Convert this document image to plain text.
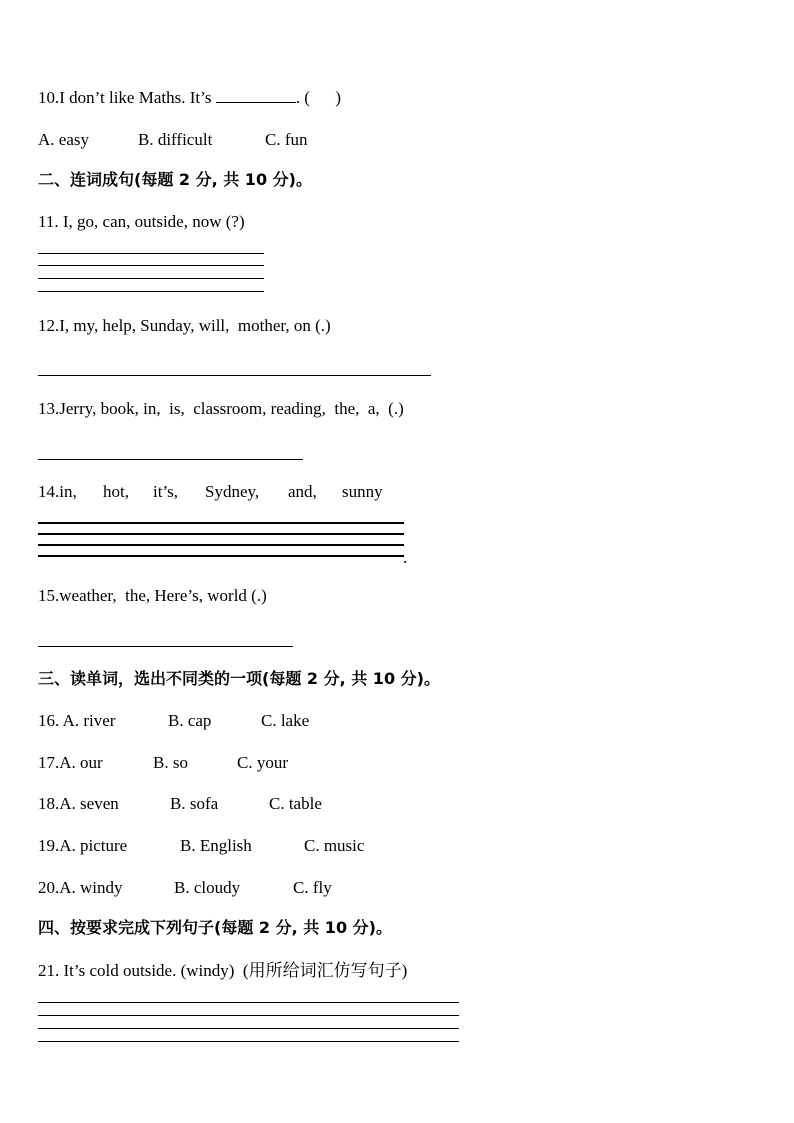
10.I don’t like Maths. It’s	. (      )
A. easy	B. difficult	C. fun
二、连词成句(每题 2 分, 共 10 分)。
11. I, go, can, outside, now (?)
12.I, my, help, Sunday, will,  mother, on (.)
13.Jerry, book, in,  is,  classroom, reading,  the,  a,  (.)
14.in, hot, it’s, Sydney, and, sunny
.
15.weather,  the, Here’s, world (.)
三、读单词，选出不同类的一项(每题 2 分, 共 10 分)。
16. A. river	B. cap	C. lake
17.A. our	B. so	C. your
18.A. seven	B. sofa	C. table
19.A. picture	B. English	C. music
20.A. windy	B. cloudy	C. fly
四、按要求完成下列句子(每题 2 分, 共 10 分)。
21. It’s cold outside. (windy)  (用所给词汇仿写句子)
